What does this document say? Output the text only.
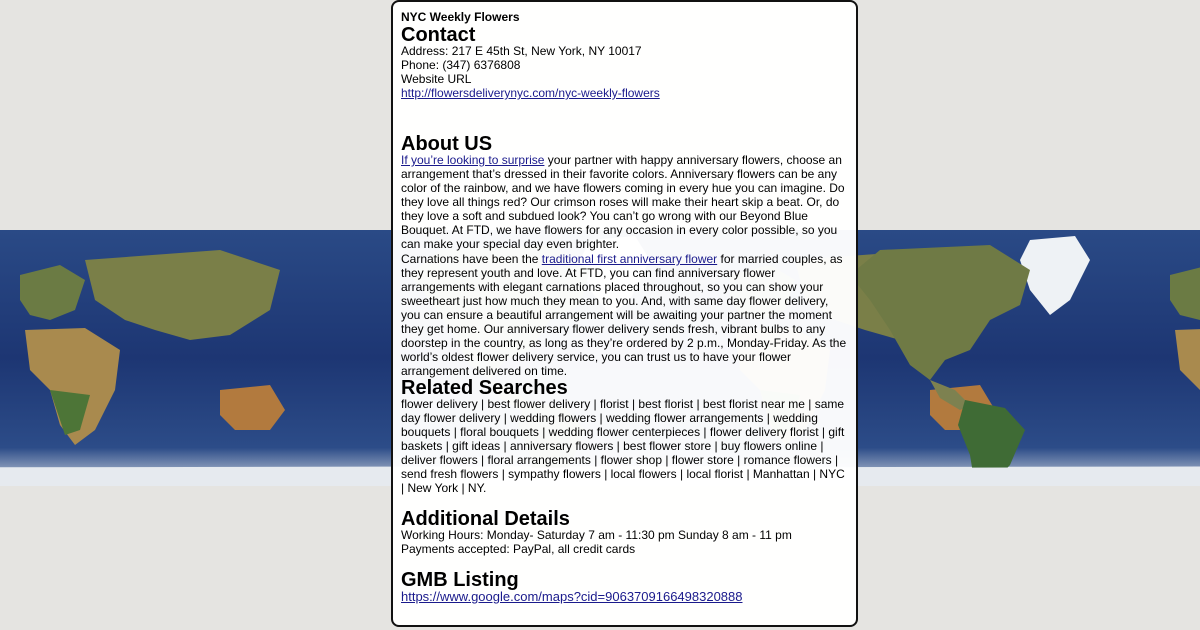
NYC Weekly Flowers
Contact
Address: 217 E 45th St, New York, NY 10017
Phone: (347) 6376808
Website URL
http://flowersdeliverynyc.com/nyc-weekly-flowers
About US

If you’re looking to surprise your partner with happy anniversary flowers, choose an arrangement that’s dressed in their favorite colors. Anniversary flowers can be any color of the rainbow, and we have flowers coming in every hue you can imagine. Do they love all things red? Our crimson roses will make their heart skip a beat. Or, do they love a soft and subdued look? You can’t go wrong with our Beyond Blue Bouquet. At FTD, we have flowers for any occasion in every color possible, so you can make your special day even brighter.

Carnations have been the traditional first anniversary flower for married couples, as they represent youth and love. At FTD, you can find anniversary flower arrangements with elegant carnations placed throughout, so you can show your sweetheart just how much they mean to you. And, with same day flower delivery, you can ensure a beautiful arrangement will be awaiting your partner the moment they get home. Our anniversary flower delivery sends fresh, vibrant bulbs to any doorstep in the country, as long as they’re ordered by 2 p.m., Monday-Friday. As the world’s oldest flower delivery service, you can trust us to have your flower arrangement delivered on time.

Related Searches

flower delivery | best flower delivery | florist | best florist | best florist near me | same day flower delivery | wedding flowers | wedding flower arrangements | wedding bouquets | floral bouquets | wedding flower centerpieces | flower delivery florist | gift baskets | gift ideas | anniversary flowers | best flower store | buy flowers online | deliver flowers | floral arrangements | flower shop | flower store | romance flowers | send fresh flowers | sympathy flowers | local flowers | local florist | Manhattan | NYC | New York | NY.

Additional Details
Working Hours: Monday- Saturday 7 am - 11:30 pm Sunday 8 am - 11 pm
Payments accepted: PayPal, all credit cards
GMB Listing
https://www.google.com/maps?cid=9063709166498320888
